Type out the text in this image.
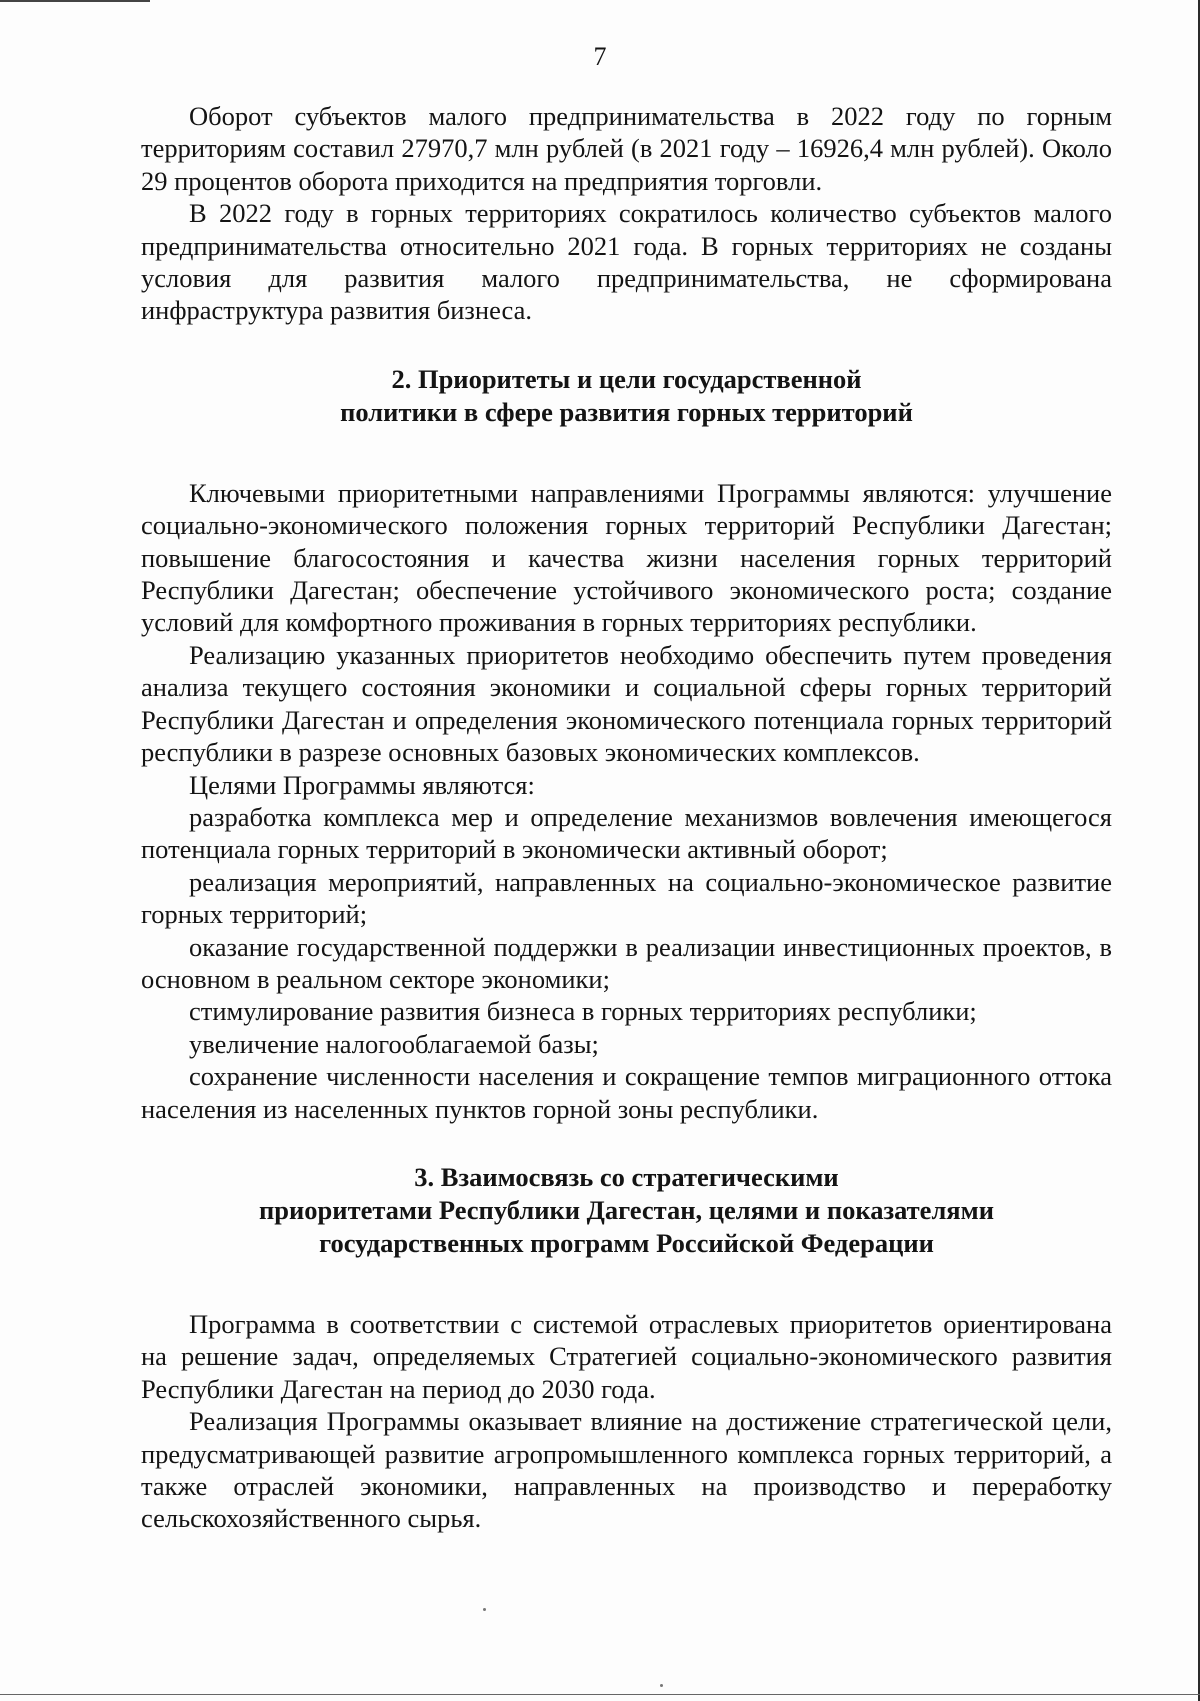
7

Оборот субъектов малого предпринимательства в 2022 году по горным территориям составил 27970,7 млн рублей (в 2021 году – 16926,4 млн рублей). Около 29 процентов оборота приходится на предприятия торговли.

В 2022 году в горных территориях сократилось количество субъектов малого предпринимательства относительно 2021 года. В горных территориях не созданы условия для развития малого предпринимательства, не сформирована инфраструктура развития бизнеса.

2. Приоритеты и цели государственной
политики в сфере развития горных территорий

Ключевыми приоритетными направлениями Программы являются: улучшение социально-экономического положения горных территорий Республики Дагестан; повышение благосостояния и качества жизни населения горных территорий Республики Дагестан; обеспечение устойчивого экономического роста; создание условий для комфортного проживания в горных территориях республики.

Реализацию указанных приоритетов необходимо обеспечить путем проведения анализа текущего состояния экономики и социальной сферы горных территорий Республики Дагестан и определения экономического потенциала горных территорий республики в разрезе основных базовых экономических комплексов.

Целями Программы являются:

разработка комплекса мер и определение механизмов вовлечения имеющегося потенциала горных территорий в экономически активный оборот;

реализация мероприятий, направленных на социально-экономическое развитие горных территорий;

оказание государственной поддержки в реализации инвестиционных проектов, в основном в реальном секторе экономики;

стимулирование развития бизнеса в горных территориях республики;

увеличение налогооблагаемой базы;

сохранение численности населения и сокращение темпов миграционного оттока населения из населенных пунктов горной зоны республики.

3. Взаимосвязь со стратегическими
приоритетами Республики Дагестан, целями и показателями
государственных программ Российской Федерации

Программа в соответствии с системой отраслевых приоритетов ориентирована на решение задач, определяемых Стратегией социально-экономического развития Республики Дагестан на период до 2030 года.

Реализация Программы оказывает влияние на достижение стратегической цели, предусматривающей развитие агропромышленного комплекса горных территорий, а также отраслей экономики, направленных на производство и переработку сельскохозяйственного сырья.
